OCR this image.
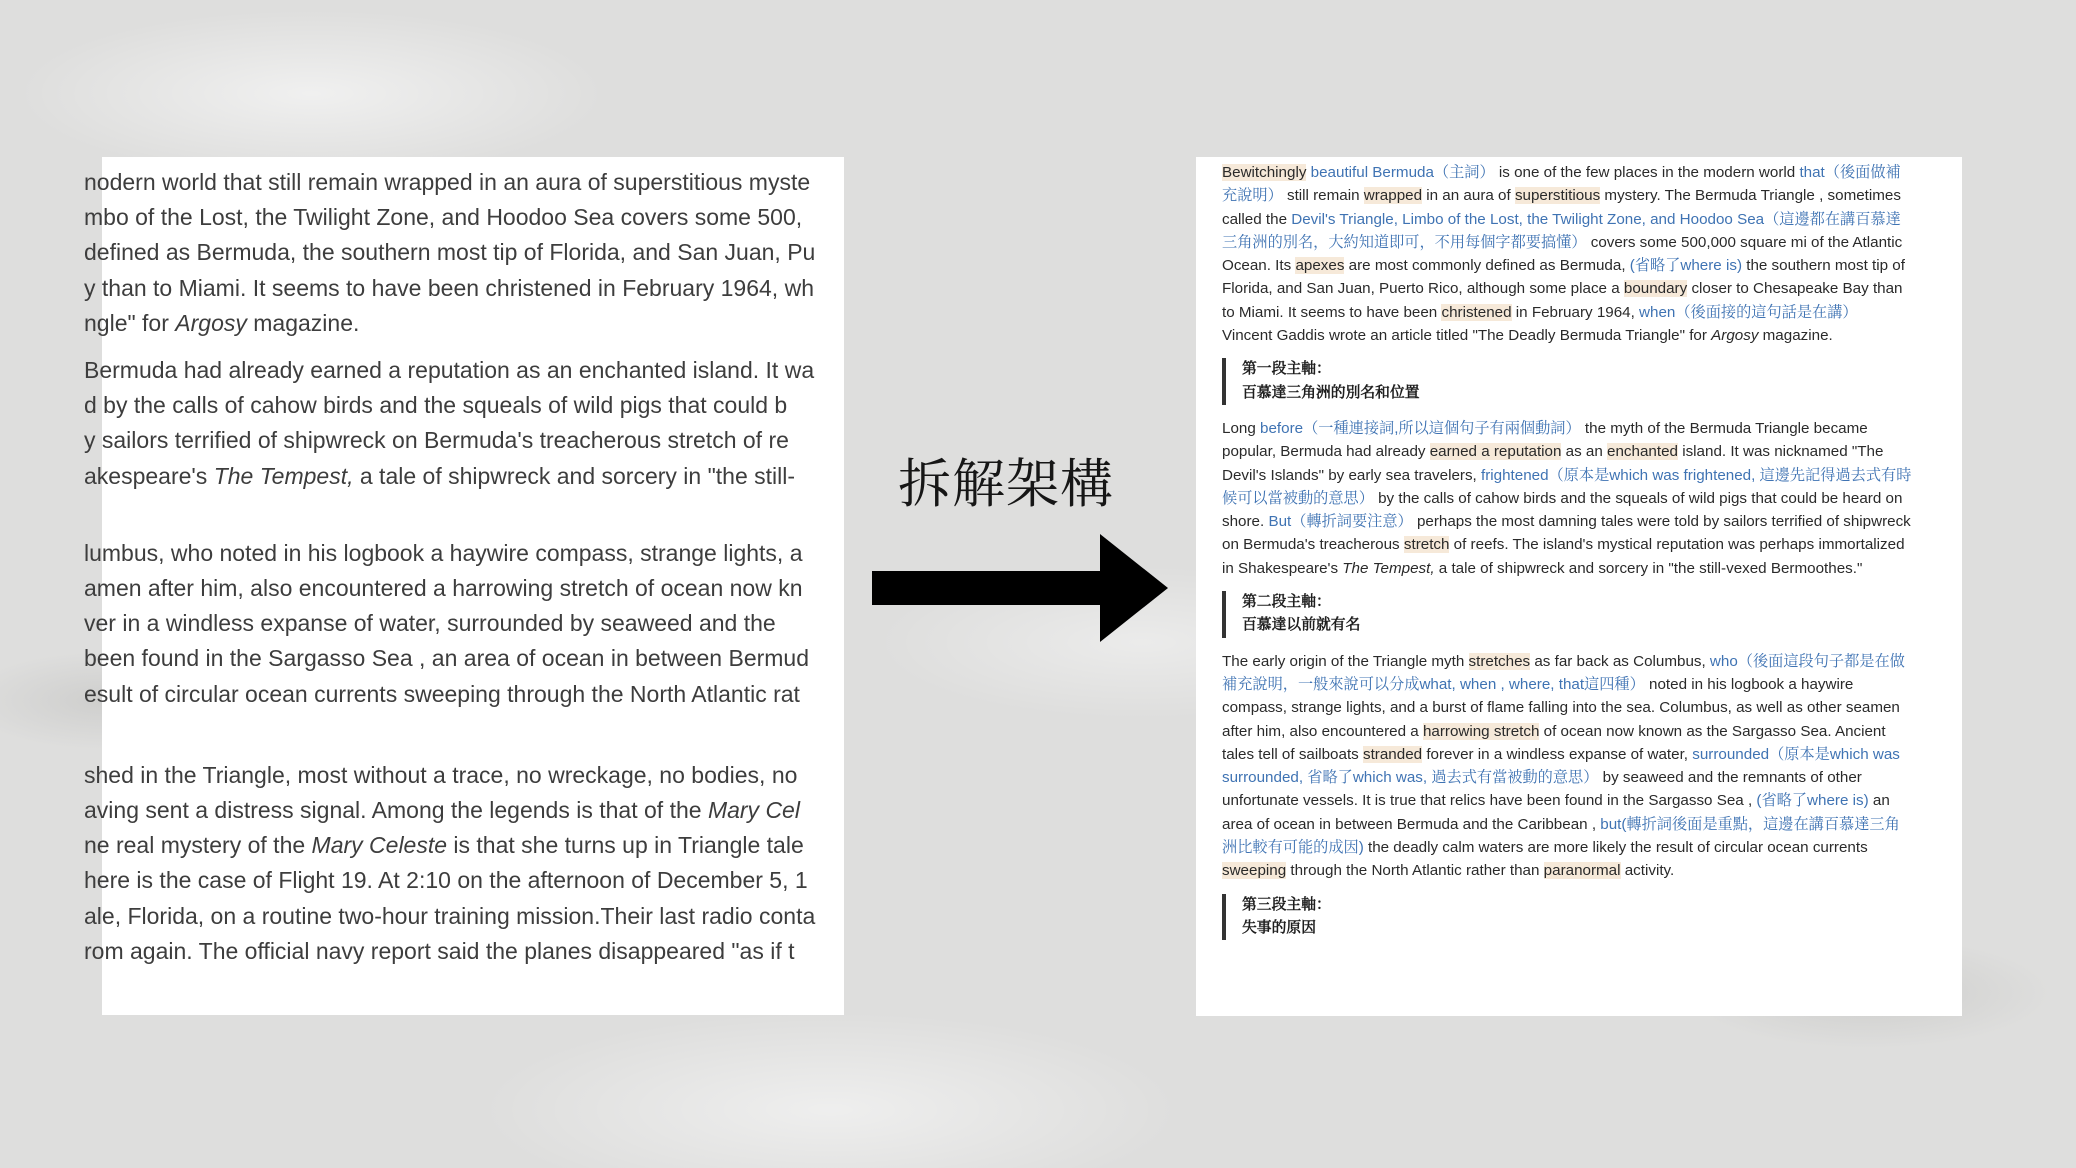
nodern world that still remain wrapped in an aura of superstitious myste
mbo of the Lost, the Twilight Zone, and Hoodoo Sea covers some 500,
defined as Bermuda, the southern most tip of Florida, and San Juan, Pu
y than to Miami. It seems to have been christened in February 1964, wh
ngle" for Argosy magazine.

Bermuda had already earned a reputation as an enchanted island. It wa
d by the calls of cahow birds and the squeals of wild pigs that could b
y sailors terrified of shipwreck on Bermuda's treacherous stretch of re
akespeare's The Tempest, a tale of shipwreck and sorcery in "the still-

lumbus, who noted in his logbook a haywire compass, strange lights, a
amen after him, also encountered a harrowing stretch of ocean now kn
ver in a windless expanse of water, surrounded by seaweed and the
been found in the Sargasso Sea , an area of ocean in between Bermud
esult of circular ocean currents sweeping through the North Atlantic rat

shed in the Triangle, most without a trace, no wreckage, no bodies, no
aving sent a distress signal. Among the legends is that of the Mary Cel
ne real mystery of the Mary Celeste is that she turns up in Triangle tale
here is the case of Flight 19. At 2:10 on the afternoon of December 5, 1
ale, Florida, on a routine two-hour training mission.Their last radio conta
rom again. The official navy report said the planes disappeared "as if t

拆解架構

Bewitchingly beautiful Bermuda（主詞） is one of the few places in the modern world that（後面做補充說明） still remain wrapped in an aura of superstitious mystery. The Bermuda Triangle , sometimes called the Devil's Triangle, Limbo of the Lost, the Twilight Zone, and Hoodoo Sea（這邊都在講百慕達三角洲的別名，大約知道即可，不用每個字都要搞懂） covers some 500,000 square mi of the Atlantic Ocean. Its apexes are most commonly defined as Bermuda, (省略了where is) the southern most tip of Florida, and San Juan, Puerto Rico, although some place a boundary closer to Chesapeake Bay than to Miami. It seems to have been christened in February 1964, when（後面接的這句話是在講） Vincent Gaddis wrote an article titled "The Deadly Bermuda Triangle" for Argosy magazine.

第一段主軸：
百慕達三角洲的別名和位置

Long before（一種連接詞,所以這個句子有兩個動詞） the myth of the Bermuda Triangle became popular, Bermuda had already earned a reputation as an enchanted island. It was nicknamed "The Devil's Islands" by early sea travelers, frightened（原本是which was frightened, 這邊先記得過去式有時候可以當被動的意思） by the calls of cahow birds and the squeals of wild pigs that could be heard on shore. But（轉折詞要注意） perhaps the most damning tales were told by sailors terrified of shipwreck on Bermuda's treacherous stretch of reefs. The island's mystical reputation was perhaps immortalized in Shakespeare's The Tempest, a tale of shipwreck and sorcery in "the still-vexed Bermoothes."

第二段主軸：
百慕達以前就有名

The early origin of the Triangle myth stretches as far back as Columbus, who（後面這段句子都是在做補充說明，一般來說可以分成what, when , where, that這四種） noted in his logbook a haywire compass, strange lights, and a burst of flame falling into the sea. Columbus, as well as other seamen after him, also encountered a harrowing stretch of ocean now known as the Sargasso Sea. Ancient tales tell of sailboats stranded forever in a windless expanse of water, surrounded（原本是which was surrounded, 省略了which was, 過去式有當被動的意思） by seaweed and the remnants of other unfortunate vessels. It is true that relics have been found in the Sargasso Sea , (省略了where is) an area of ocean in between Bermuda and the Caribbean , but(轉折詞後面是重點，這邊在講百慕達三角洲比較有可能的成因) the deadly calm waters are more likely the result of circular ocean currents sweeping through the North Atlantic rather than paranormal activity.

第三段主軸：
失事的原因
